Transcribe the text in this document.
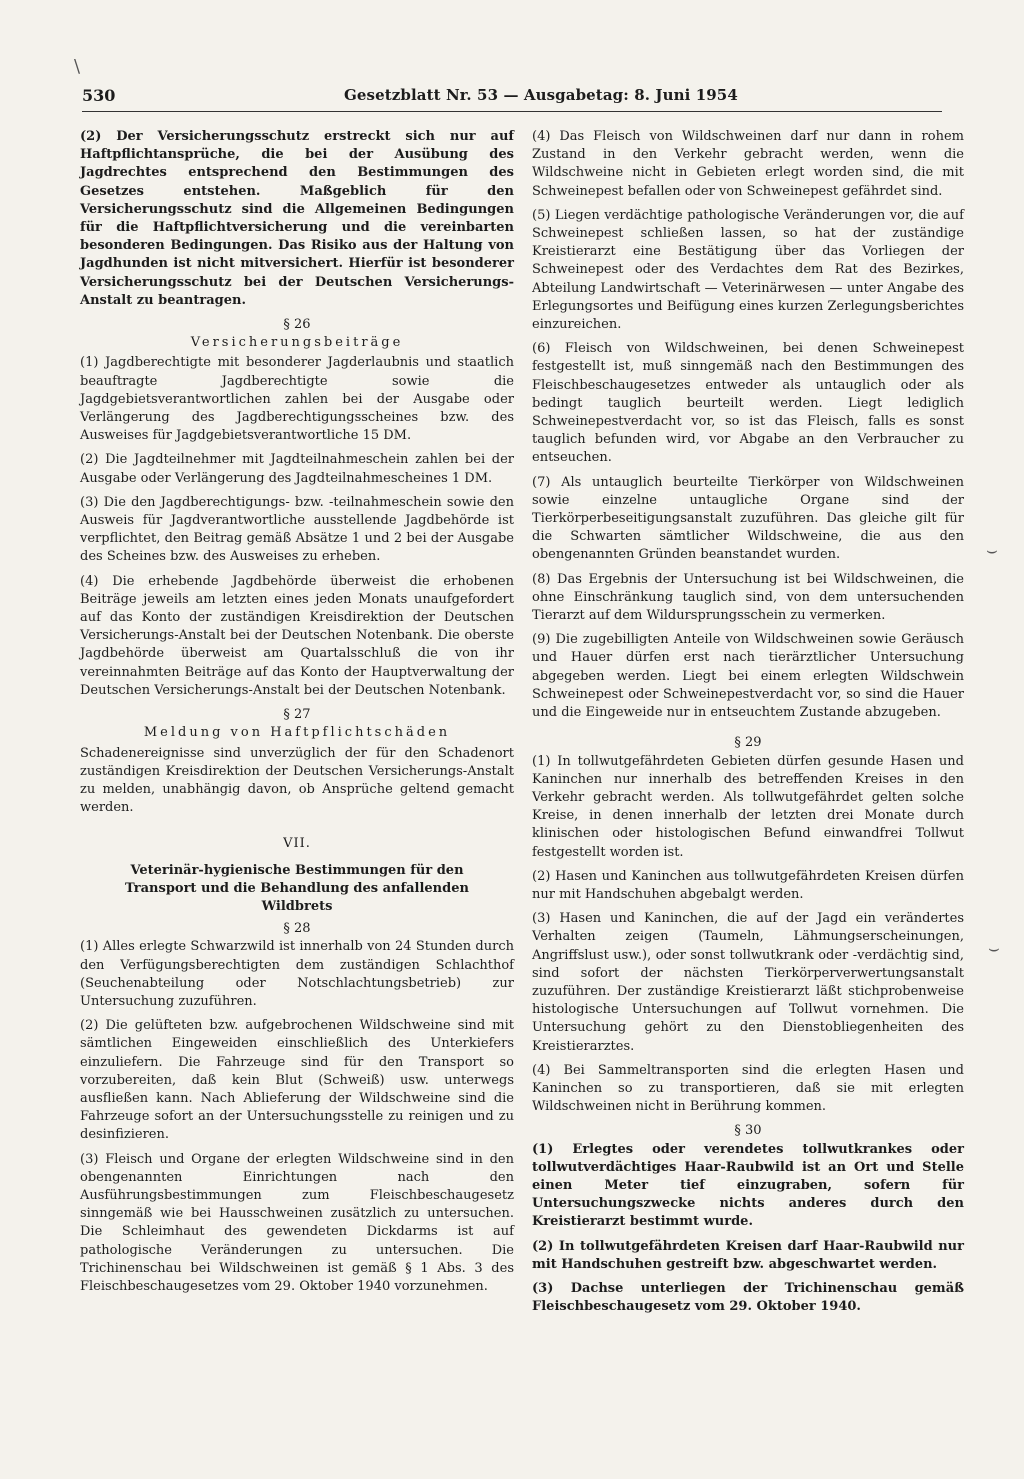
\
530	Gesetzblatt Nr. 53 — Ausgabetag: 8. Juni 1954

(2) Der Versicherungsschutz erstreckt sich nur auf Haftpflichtansprüche, die bei der Ausübung des Jagdrechtes entsprechend den Bestimmungen des Gesetzes entstehen. Maßgeblich für den Versicherungsschutz sind die Allgemeinen Bedingungen für die Haftpflichtversicherung und die vereinbarten besonderen Bedingungen. Das Risiko aus der Haltung von Jagdhunden ist nicht mitversichert. Hierfür ist besonderer Versicherungsschutz bei der Deutschen Versicherungs-Anstalt zu beantragen.

§ 26
Versicherungsbeiträge

(1) Jagdberechtigte mit besonderer Jagderlaubnis und staatlich beauftragte Jagdberechtigte sowie die Jagdgebietsverantwortlichen zahlen bei der Ausgabe oder Verlängerung des Jagdberechtigungsscheines bzw. des Ausweises für Jagdgebietsverantwortliche 15 DM.

(2) Die Jagdteilnehmer mit Jagdteilnahmeschein zahlen bei der Ausgabe oder Verlängerung des Jagdteilnahmescheines 1 DM.

(3) Die den Jagdberechtigungs- bzw. -teilnahmeschein sowie den Ausweis für Jagdverantwortliche ausstellende Jagdbehörde ist verpflichtet, den Beitrag gemäß Absätze 1 und 2 bei der Ausgabe des Scheines bzw. des Ausweises zu erheben.

(4) Die erhebende Jagdbehörde überweist die erhobenen Beiträge jeweils am letzten eines jeden Monats unaufgefordert auf das Konto der zuständigen Kreisdirektion der Deutschen Versicherungs-Anstalt bei der Deutschen Notenbank. Die oberste Jagdbehörde überweist am Quartalsschluß die von ihr vereinnahmten Beiträge auf das Konto der Hauptverwaltung der Deutschen Versicherungs-Anstalt bei der Deutschen Notenbank.

§ 27
Meldung von Haftpflichtschäden

Schadenereignisse sind unverzüglich der für den Schadenort zuständigen Kreisdirektion der Deutschen Versicherungs-Anstalt zu melden, unabhängig davon, ob Ansprüche geltend gemacht werden.

VII.
Veterinär-hygienische Bestimmungen für den Transport und die Behandlung des anfallenden Wildbrets
§ 28

(1) Alles erlegte Schwarzwild ist innerhalb von 24 Stunden durch den Verfügungsberechtigten dem zuständigen Schlachthof (Seuchenabteilung oder Notschlachtungsbetrieb) zur Untersuchung zuzuführen.

(2) Die gelüfteten bzw. aufgebrochenen Wildschweine sind mit sämtlichen Eingeweiden einschließlich des Unterkiefers einzuliefern. Die Fahrzeuge sind für den Transport so vorzubereiten, daß kein Blut (Schweiß) usw. unterwegs ausfließen kann. Nach Ablieferung der Wildschweine sind die Fahrzeuge sofort an der Untersuchungsstelle zu reinigen und zu desinfizieren.

(3) Fleisch und Organe der erlegten Wildschweine sind in den obengenannten Einrichtungen nach den Ausführungsbestimmungen zum Fleischbeschaugesetz sinngemäß wie bei Hausschweinen zusätzlich zu untersuchen. Die Schleimhaut des gewendeten Dickdarms ist auf pathologische Veränderungen zu untersuchen. Die Trichinenschau bei Wildschweinen ist gemäß § 1 Abs. 3 des Fleischbeschaugesetzes vom 29. Oktober 1940 vorzunehmen.

(4) Das Fleisch von Wildschweinen darf nur dann in rohem Zustand in den Verkehr gebracht werden, wenn die Wildschweine nicht in Gebieten erlegt worden sind, die mit Schweinepest befallen oder von Schweinepest gefährdet sind.

(5) Liegen verdächtige pathologische Veränderungen vor, die auf Schweinepest schließen lassen, so hat der zuständige Kreistierarzt eine Bestätigung über das Vorliegen der Schweinepest oder des Verdachtes dem Rat des Bezirkes, Abteilung Landwirtschaft — Veterinärwesen — unter Angabe des Erlegungsortes und Beifügung eines kurzen Zerlegungsberichtes einzureichen.

(6) Fleisch von Wildschweinen, bei denen Schweinepest festgestellt ist, muß sinngemäß nach den Bestimmungen des Fleischbeschaugesetzes entweder als untauglich oder als bedingt tauglich beurteilt werden. Liegt lediglich Schweinepestverdacht vor, so ist das Fleisch, falls es sonst tauglich befunden wird, vor Abgabe an den Verbraucher zu entseuchen.

(7) Als untauglich beurteilte Tierkörper von Wildschweinen sowie einzelne untaugliche Organe sind der Tierkörperbeseitigungsanstalt zuzuführen. Das gleiche gilt für die Schwarten sämtlicher Wildschweine, die aus den obengenannten Gründen beanstandet wurden.

(8) Das Ergebnis der Untersuchung ist bei Wildschweinen, die ohne Einschränkung tauglich sind, von dem untersuchenden Tierarzt auf dem Wildursprungsschein zu vermerken.

(9) Die zugebilligten Anteile von Wildschweinen sowie Geräusch und Hauer dürfen erst nach tierärztlicher Untersuchung abgegeben werden. Liegt bei einem erlegten Wildschwein Schweinepest oder Schweinepestverdacht vor, so sind die Hauer und die Eingeweide nur in entseuchtem Zustande abzugeben.

§ 29

(1) In tollwutgefährdeten Gebieten dürfen gesunde Hasen und Kaninchen nur innerhalb des betreffenden Kreises in den Verkehr gebracht werden. Als tollwutgefährdet gelten solche Kreise, in denen innerhalb der letzten drei Monate durch klinischen oder histologischen Befund einwandfrei Tollwut festgestellt worden ist.

(2) Hasen und Kaninchen aus tollwutgefährdeten Kreisen dürfen nur mit Handschuhen abgebalgt werden.

(3) Hasen und Kaninchen, die auf der Jagd ein verändertes Verhalten zeigen (Taumeln, Lähmungserscheinungen, Angriffslust usw.), oder sonst tollwutkrank oder -verdächtig sind, sind sofort der nächsten Tierkörperverwertungsanstalt zuzuführen. Der zuständige Kreistierarzt läßt stichprobenweise histologische Untersuchungen auf Tollwut vornehmen. Die Untersuchung gehört zu den Dienstobliegenheiten des Kreistierarztes.

(4) Bei Sammeltransporten sind die erlegten Hasen und Kaninchen so zu transportieren, daß sie mit erlegten Wildschweinen nicht in Berührung kommen.

§ 30

(1) Erlegtes oder verendetes tollwutkrankes oder tollwutverdächtiges Haar-Raubwild ist an Ort und Stelle einen Meter tief einzugraben, sofern für Untersuchungszwecke nichts anderes durch den Kreistierarzt bestimmt wurde.

(2) In tollwutgefährdeten Kreisen darf Haar-Raubwild nur mit Handschuhen gestreift bzw. abgeschwartet werden.

(3) Dachse unterliegen der Trichinenschau gemäß Fleischbeschaugesetz vom 29. Oktober 1940.

⌣
⌣
